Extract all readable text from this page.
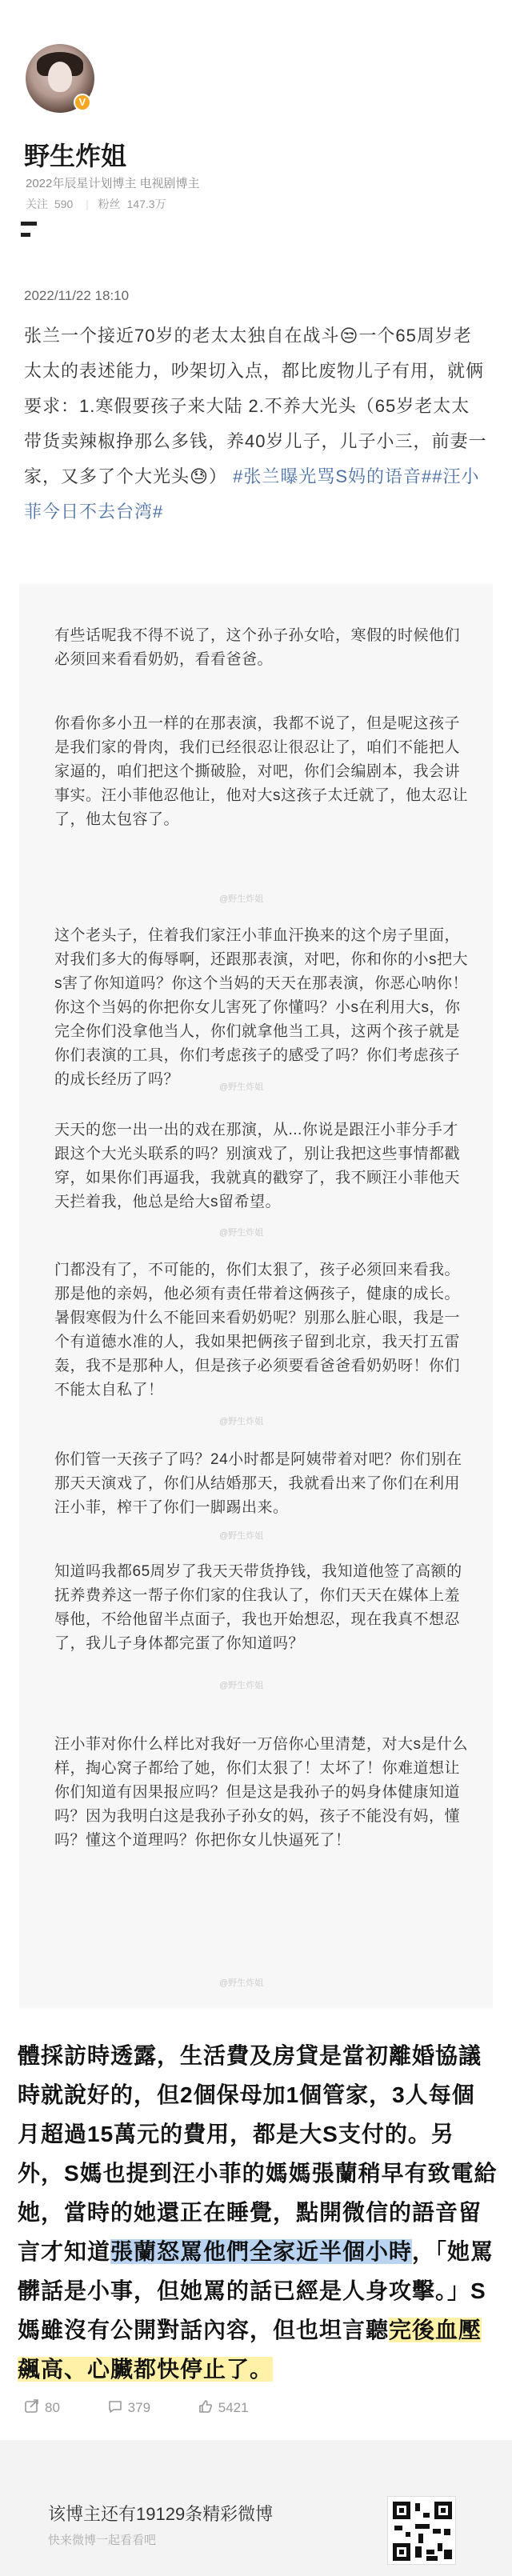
V
野生炸姐
2022年辰星计划博主 电视剧博主
关注 590 | 粉丝 147.3万
2022/11/22 18:10
张兰一个接近70岁的老太太独自在战斗😒一个65周岁老太太的表述能力，吵架切入点，都比废物儿子有用，就俩要求：1.寒假要孩子来大陆 2.不养大光头（65岁老太太带货卖辣椒挣那么多钱，养40岁儿子，儿子小三，前妻一家，又多了个大光头😓） #张兰曝光骂S妈的语音##汪小菲今日不去台湾#

有些话呢我不得不说了，这个孙子孙女哈，寒假的时候他们必须回来看看奶奶，看看爸爸。

你看你多小丑一样的在那表演，我都不说了，但是呢这孩子是我们家的骨肉，我们已经很忍让很忍让了，咱们不能把人家逼的，咱们把这个撕破脸，对吧，你们会编剧本，我会讲事实。汪小菲他忍他让，他对大s这孩子太迁就了，他太忍让了，他太包容了。

@野生炸姐

这个老头子，住着我们家汪小菲血汗换来的这个房子里面，对我们多大的侮辱啊，还跟那表演，对吧，你和你的小s把大s害了你知道吗？你这个当妈的天天在那表演，你恶心呐你！你这个当妈的你把你女儿害死了你懂吗？小s在利用大s，你完全你们没拿他当人，你们就拿他当工具，这两个孩子就是你们表演的工具，你们考虑孩子的感受了吗？你们考虑孩子的成长经历了吗？	@野生炸姐

天天的您一出一出的戏在那演，从...你说是跟汪小菲分手才跟这个大光头联系的吗？别演戏了，别让我把这些事情都戳穿，如果你们再逼我，我就真的戳穿了，我不顾汪小菲他天天拦着我，他总是给大s留希望。

@野生炸姐

门都没有了，不可能的，你们太狠了，孩子必须回来看我。那是他的亲妈，他必须有责任带着这俩孩子，健康的成长。暑假寒假为什么不能回来看奶奶呢？别那么脏心眼，我是一个有道德水准的人，我如果把俩孩子留到北京，我天打五雷轰，我不是那种人，但是孩子必须要看爸爸看奶奶呀！你们不能太自私了！

@野生炸姐

你们管一天孩子了吗？24小时都是阿姨带着对吧？你们别在那天天演戏了，你们从结婚那天，我就看出来了你们在利用汪小菲，榨干了你们一脚踢出来。

@野生炸姐

知道吗我都65周岁了我天天带货挣钱，我知道他签了高额的抚养费养这一帮子你们家的住我认了，你们天天在媒体上羞辱他，不给他留半点面子，我也开始想忍，现在我真不想忍了，我儿子身体都完蛋了你知道吗？

@野生炸姐

汪小菲对你什么样比对我好一万倍你心里清楚，对大s是什么样，掏心窝子都给了她，你们太狠了！太坏了！你难道想让你们知道有因果报应吗？但是这是我孙子的妈身体健康知道吗？因为我明白这是我孙子孙女的妈，孩子不能没有妈，懂吗？懂这个道理吗？你把你女儿快逼死了！

@野生炸姐
體採訪時透露，生活費及房貸是當初離婚協議時就說好的，但2個保母加1個管家，3人每個月超過15萬元的費用，都是大S支付的。另外，S媽也提到汪小菲的媽媽張蘭稍早有致電給她，當時的她還正在睡覺，點開微信的語音留言才知道張蘭怒罵他們全家近半個小時，「她罵髒話是小事，但她罵的話已經是人身攻擊。」S媽雖沒有公開對話內容，但也坦言聽完後血壓飆高、心臟都快停止了。
80	379	5421
该博主还有19129条精彩微博
快来微博一起看看吧
